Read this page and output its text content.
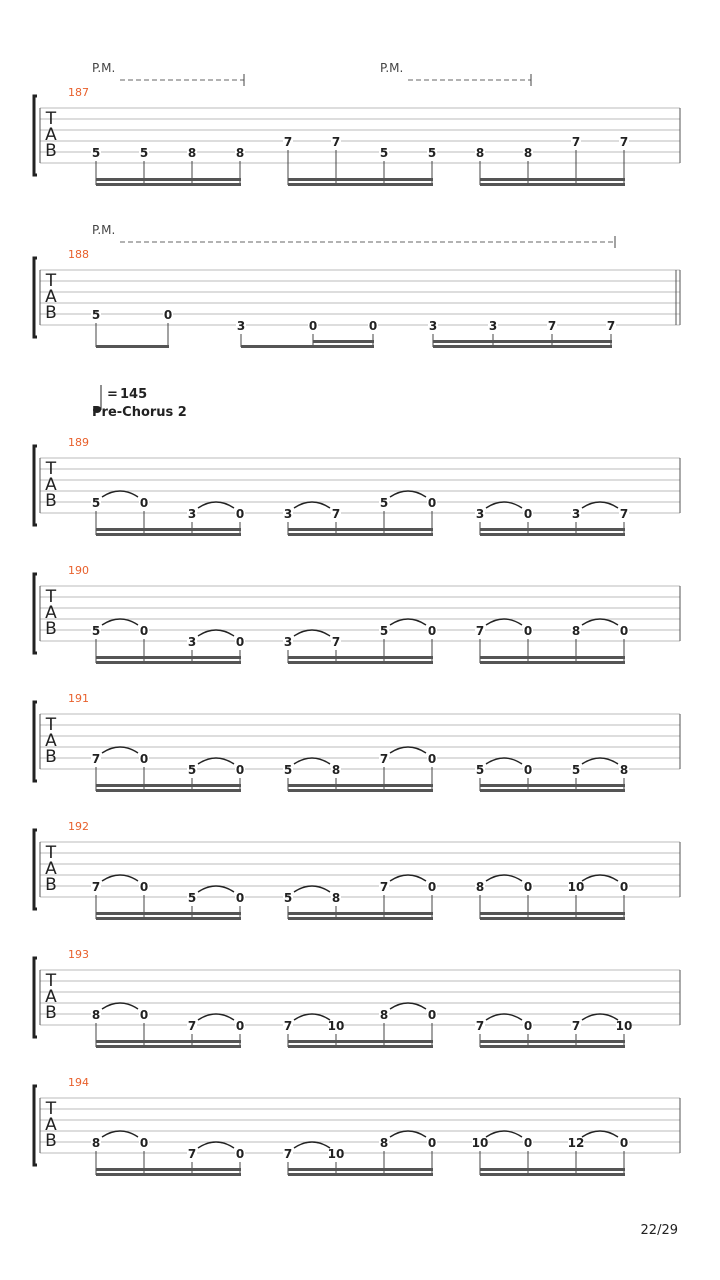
= 145
Pre-Chorus 2
22/29
T
A
B
187
P.M.	P.M.
5	5	8	8
7	7
5	5	8	8
7	7
T
A
B
188
P.M.
5	0
3	0	0	3	3	7	7
T
A
B
189
5	0
3	0	3	7
5	0
3	0	3	7
T
A
B
190
5	0
3	0	3	7
5	0	7	0	8	0
T
A
B
191
7	0
5	0	5	8
7	0
5	0	5	8
T
A
B
192
7	0
5	0	5	8
7	0	8	0	10	0
T
A
B
193
8	0
7	0	7	10
8	0
7	0	7	10
T
A
B
194
8	0
7	0	7	10
8	0	10	0	12	0
